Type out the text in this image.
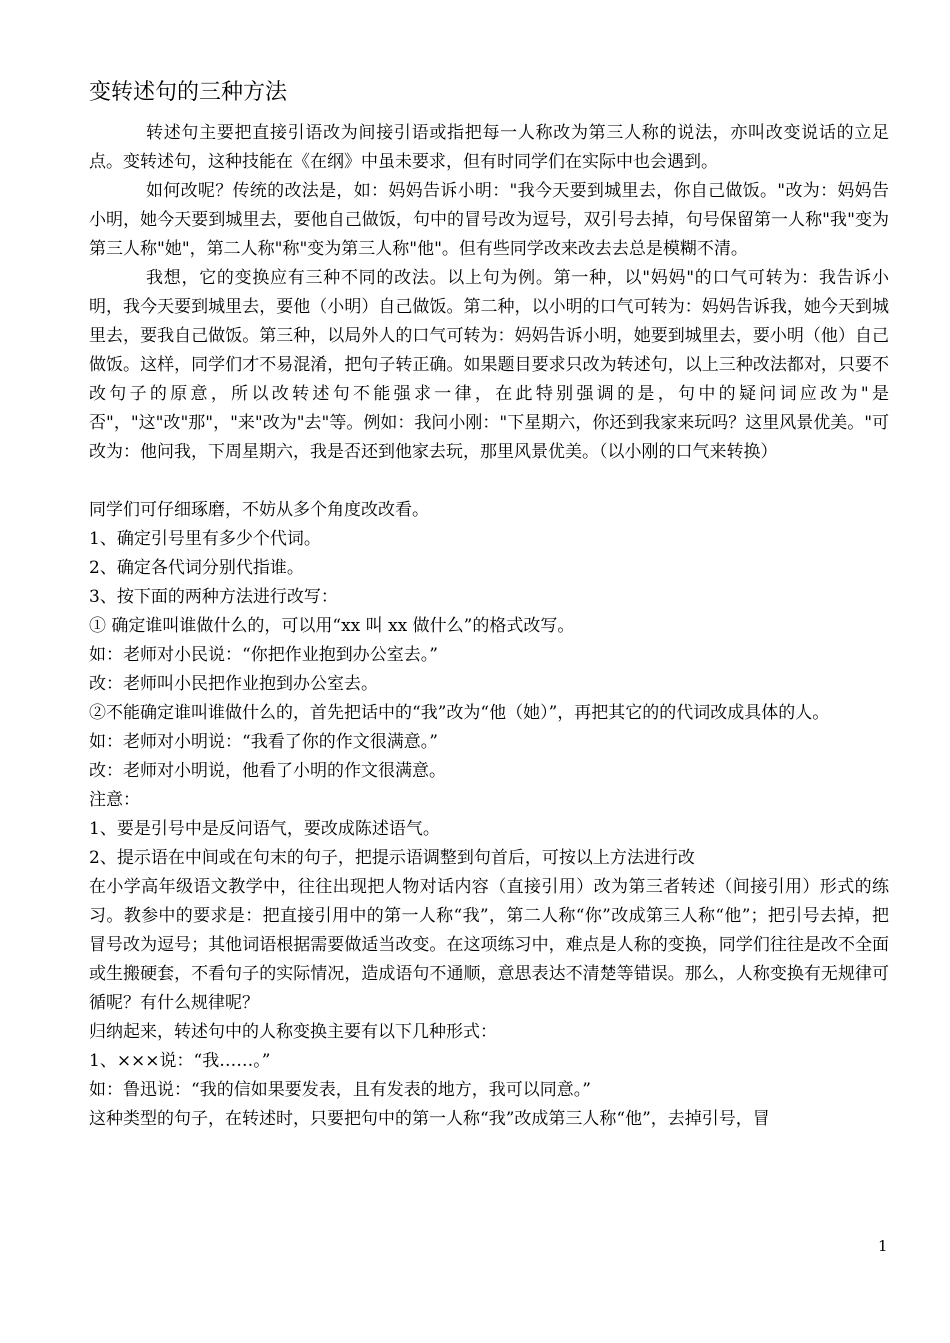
变转述句的三种方法

转述句主要把直接引语改为间接引语或指把每一人称改为第三人称的说法，亦叫改变说话的立足点。变转述句，这种技能在《在纲》中虽未要求，但有时同学们在实际中也会遇到。

如何改呢？传统的改法是，如：妈妈告诉小明："我今天要到城里去，你自己做饭。"改为：妈妈告小明，她今天要到城里去，要他自己做饭，句中的冒号改为逗号，双引号去掉，句号保留第一人称"我"变为第三人称"她"，第二人称"称"变为第三人称"他"。但有些同学改来改去去总是模糊不清。

我想，它的变换应有三种不同的改法。以上句为例。第一种，以"妈妈"的口气可转为：我告诉小明，我今天要到城里去，要他（小明）自己做饭。第二种，以小明的口气可转为：妈妈告诉我，她今天到城里去，要我自己做饭。第三种，以局外人的口气可转为：妈妈告诉小明，她要到城里去，要小明（他）自己做饭。这样，同学们才不易混淆，把句子转正确。如果题目要求只改为转述句，以上三种改法都对，只要不改句子的原意，所以改转述句不能强求一律，在此特别强调的是，句中的疑问词应改为"是否"，"这"改"那"，"来"改为"去"等。例如：我问小刚："下星期六，你还到我家来玩吗？这里风景优美。"可改为：他问我，下周星期六，我是否还到他家去玩，那里风景优美。（以小刚的口气来转换）

同学们可仔细琢磨，不妨从多个角度改改看。

1、确定引号里有多少个代词。

2、确定各代词分别代指谁。

3、按下面的两种方法进行改写：

① 确定谁叫谁做什么的，可以用“xx 叫 xx 做什么”的格式改写。

如：老师对小民说：“你把作业抱到办公室去。”

改：老师叫小民把作业抱到办公室去。

②不能确定谁叫谁做什么的，首先把话中的“我”改为“他（她）”，再把其它的的代词改成具体的人。

如：老师对小明说：“我看了你的作文很满意。”

改：老师对小明说，他看了小明的作文很满意。

注意：

1、要是引号中是反问语气，要改成陈述语气。

2、提示语在中间或在句末的句子，把提示语调整到句首后，可按以上方法进行改

在小学高年级语文教学中，往往出现把人物对话内容（直接引用）改为第三者转述（间接引用）形式的练习。教参中的要求是：把直接引用中的第一人称“我”，第二人称“你”改成第三人称“他”；把引号去掉，把冒号改为逗号；其他词语根据需要做适当改变。在这项练习中，难点是人称的变换，同学们往往是改不全面或生搬硬套，不看句子的实际情况，造成语句不通顺，意思表达不清楚等错误。那么，人称变换有无规律可循呢？有什么规律呢？

归纳起来，转述句中的人称变换主要有以下几种形式：

1、×××说：“我……。”

如：鲁迅说：“我的信如果要发表，且有发表的地方，我可以同意。”

这种类型的句子，在转述时，只要把句中的第一人称“我”改成第三人称“他”，去掉引号，冒

1
